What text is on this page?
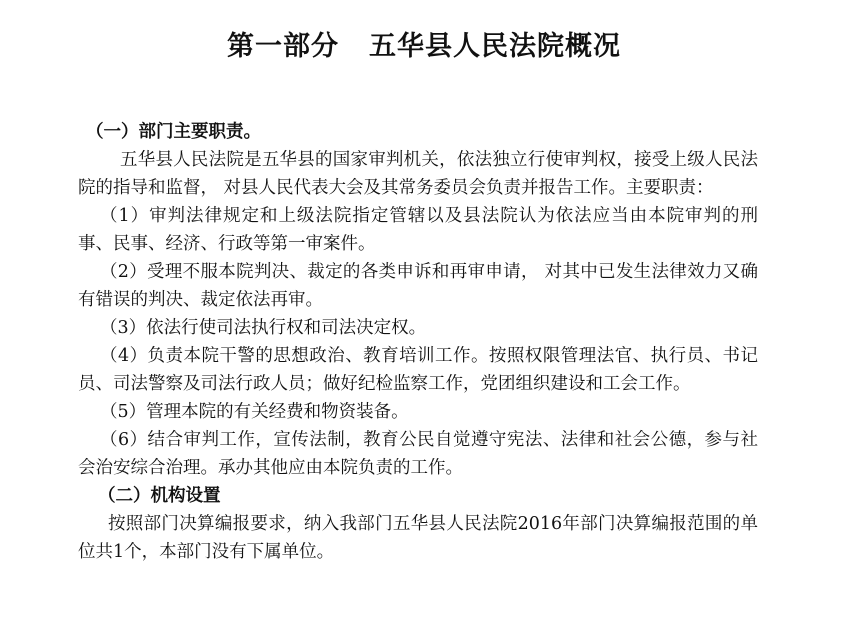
第一部分 五华县人民法院概况

（一）部门主要职责。

五华县人民法院是五华县的国家审判机关，依法独立行使审判权，接受上级人民法院的指导和监督， 对县人民代表大会及其常务委员会负责并报告工作。主要职责：

（1）审判法律规定和上级法院指定管辖以及县法院认为依法应当由本院审判的刑事、民事、经济、行政等第一审案件。

（2）受理不服本院判决、裁定的各类申诉和再审申请， 对其中已发生法律效力又确有错误的判决、裁定依法再审。

（3）依法行使司法执行权和司法决定权。

（4）负责本院干警的思想政治、教育培训工作。按照权限管理法官、执行员、书记员、司法警察及司法行政人员；做好纪检监察工作，党团组织建设和工会工作。

（5）管理本院的有关经费和物资装备。

（6）结合审判工作，宣传法制，教育公民自觉遵守宪法、法律和社会公德，参与社会治安综合治理。承办其他应由本院负责的工作。

（二）机构设置

按照部门决算编报要求，纳入我部门五华县人民法院2016年部门决算编报范围的单位共1个，本部门没有下属单位。
